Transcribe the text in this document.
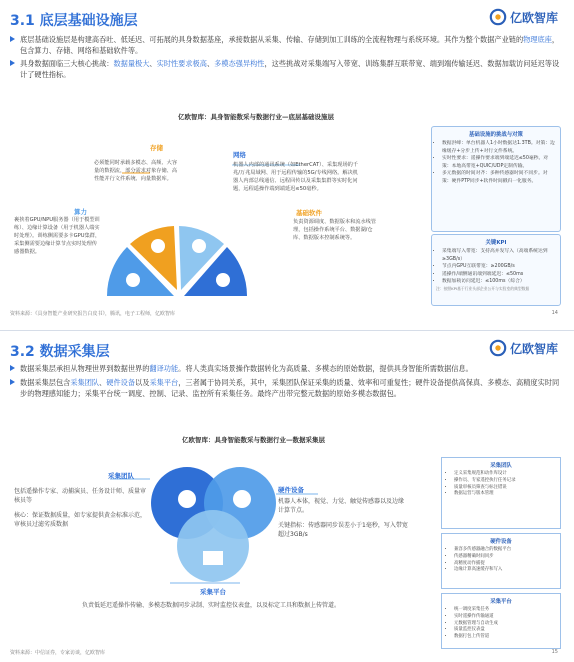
3.1 底层基础设施层	亿欧智库
底层基础设施层是构建高吞吐、低延迟、可拓展的具身数据基座，承接数据从采集、传输、存储到加工训练的全流程物理与系统环境。其作为整个数据产业链的物理底座，包含算力、存储、网络和基础软件等。
具身数据面临三大核心挑战：数据量极大、实时性要求极高、多模态强异构性，这些挑战对采集端写入带宽、训练集群互联带宽、端到端传输延迟、数据加载访问延迟等设计了硬性指标。
亿欧智库：具身智能数采与数据行业—底层基础设施层
算力
裹挟着GPU/NPU服务器（用于模型训练）、边缘计算设备（用于机器人端实时处理）。训练侧需要多卡GPU集群，采集侧需要边缘计算节点实时处理传感器数据。
存储
必须能同时承载多模态、高频、大容量的数据流，部分需求对象存储、高性能并行文件系统、向量数据库。
网络
机器人内部的通讯系统（如EtherCAT）、采集现场的千兆/万兆局域网、用于远程传输的5G/专线网络。解决机器人内部总线通信、远程回传以及采集集群等实时化问题，远程遥操作端到端延迟≤50毫秒。
基础软件
负责资源调度、数据版本和流水线管理，包括操作系统平台、数据湖/仓库、数据版本控制系统等。
基础设施的挑战与对策
• 数据洪峰：单台机器人1小时数据达1.3TB。对策：边缘缓存+分步上传+对行文件系统。
• 实时性要求：遥操作要求端到端延迟≤50毫秒。对策：本地高带宽+QUIC/UDP定制传输。
• 多元数据的时间对齐：多种传感器时间不同步。对策：硬件PTP同步+软件时间戳归一化服务。
关键KPI
• 采集端写入带宽：支持高并发写入（高端系统达到≥3GB/s）
• 节点内GPU互联带宽：≥200GB/s
• 遥操作/端侧通讯端到端延迟：≤50ms
• 数据加载访问延迟：≤100ms（综合）
注：按照KPI基于行业头部企业公开与实验室的典型数据
资料来源：《具身智能产业研究报告白皮书》，腾讯，电子工程师，亿欧智库	14
3.2 数据采集层	亿欧智库
数据采集层承担从物理世界到数据世界的翻译功能。将人类真实场景操作数据转化为高质量、多模态的原始数据，提供具身智能所需数据信息。
数据采集层包含采集团队、硬件设备以及采集平台，三者属于协同关系，其中，采集团队保证采集的质量、效率和可重复性；硬件设备提供高保真、多模态、高精度实时同步的物理感知能力；采集平台统一调度、控制、记录、监控所有采集任务。最终产出带完整元数据的原始多模态数据包。
亿欧智库：具身智能数采与数据行业—数据采集层
采集团队
包括遥操作专家、动捕演员、任务设计师、质量审核员等
核心：保证数据质量，如专家提供黄金标准示范，审核员过滤劣质数据
硬件设备
机器人本体，视觉、力觉、触觉传感器以及边缘计算节点。
关键指标：传感器同步误差小于1毫秒，写入带宽超过3GB/s
采集平台
负责低延迟遥操作传输、多模态数据同步录制、实时监控仪表盘，以及标定工具和数据上传管道。
采集团队
• 定义采集规范和动作库设计
• 操作员、专家遥控执行任务记录
• 质量审核员筛查与标注错误
• 数据运营与版本管理
硬件设备
• 兼容多传感器融合的数据平台
• 传感器精确时间同步
• 高精度动作捕捉
• 边缘计算高速缓存和写入
采集平台
• 统一调度采集任务
• 实时遥操作传输通道
• 元数据管理与自动生成
• 质量监控仪表盘
• 数据打包上传管道
资料来源：中信证券，专家访谈，亿欧智库	15
